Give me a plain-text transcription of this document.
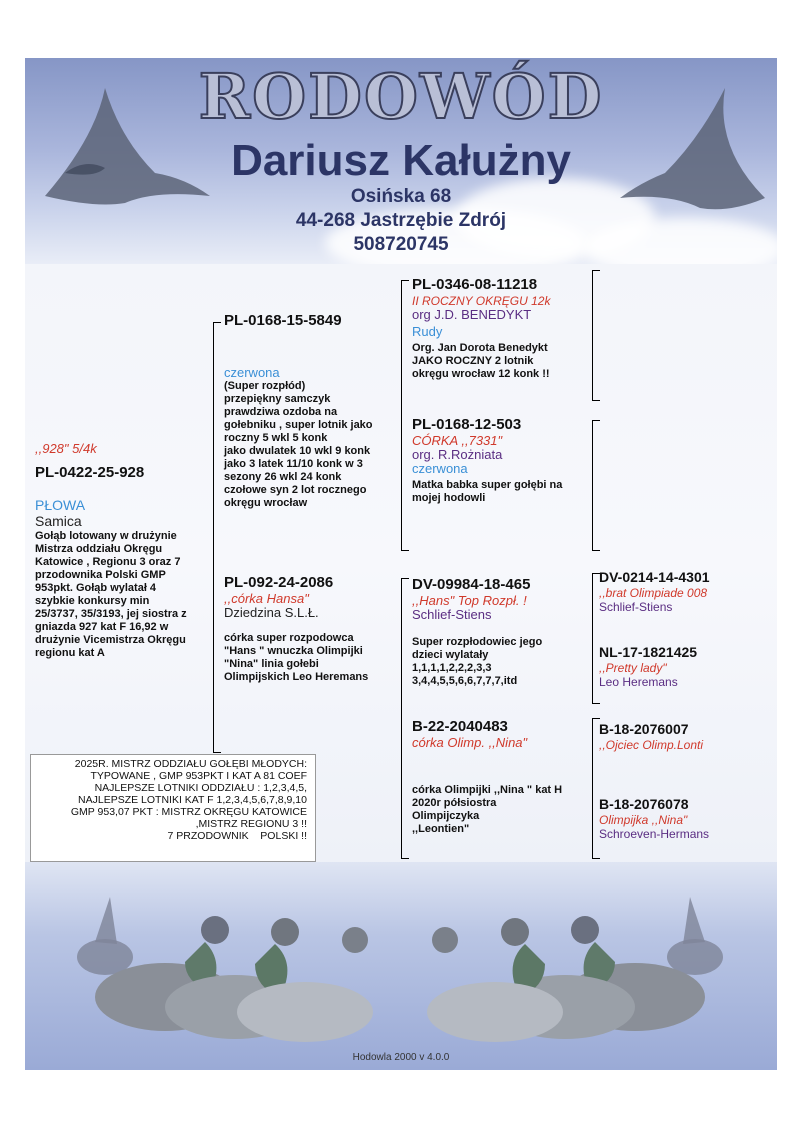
RODOWÓD
Dariusz Kałużny
Osińska 68
44-268 Jastrzębie Zdrój
508720745
,,928" 5/4k
PL-0422-25-928
PŁOWA
Samica
Gołąb lotowany w drużynie
Mistrza oddziału Okręgu
Katowice , Regionu 3 oraz 7
przodownika Polski GMP
953pkt. Gołąb wylatał 4
szybkie konkursy min
25/3737, 35/3193, jej siostra z
gniazda 927 kat F 16,92 w
drużynie Vicemistrza Okręgu
regionu kat A
PL-0168-15-5849
czerwona
(Super rozpłód)
przepiękny samczyk
prawdziwa ozdoba na
gołebniku , super lotnik jako
roczny 5 wkl 5 konk
jako dwulatek 10 wkl 9 konk
jako 3 latek 11/10 konk w 3
sezony 26 wkl 24 konk
czołowe syn 2 lot rocznego
okręgu wrocław
PL-092-24-2086
,,córka Hansa"
Dziedzina S.L.Ł.
córka super rozpodowca
"Hans " wnuczka Olimpijki
"Nina" linia gołebi
Olimpijskich Leo Heremans
PL-0346-08-11218
II ROCZNY OKRĘGU 12k
org J.D. BENEDYKT
Rudy
Org. Jan Dorota Benedykt
JAKO ROCZNY 2 lotnik
okręgu wrocław 12 konk !!
PL-0168-12-503
CÓRKA ,,7331"
org. R.Rożniata
czerwona
Matka babka super gołębi na
mojej hodowli
DV-09984-18-465
,,Hans" Top Rozpł. !
Schlief-Stiens
Super rozpłodowiec jego
dzieci wylatały
1,1,1,1,2,2,2,3,3
3,4,4,5,5,6,6,7,7,7,itd
B-22-2040483
córka Olimp. ,,Nina"
córka Olimpijki ,,Nina " kat H
2020r półsiostra
Olimpijczyka
,,Leontien"
DV-0214-14-4301
,,brat Olimpiade 008
Schlief-Stiens
NL-17-1821425
,,Pretty lady"
Leo Heremans
B-18-2076007
,,Ojciec Olimp.Lonti
B-18-2076078
Olimpijka ,,Nina"
Schroeven-Hermans
2025R. MISTRZ ODDZIAŁU GOŁĘBI MŁODYCH:
TYPOWANE , GMP 953PKT I KAT A 81 COEF
NAJLEPSZE LOTNIKI ODDZIAŁU : 1,2,3,4,5,
NAJLEPSZE LOTNIKI KAT F 1,2,3,4,5,6,7,8,9,10
GMP 953,07 PKT : MISTRZ OKRĘGU KATOWICE
,MISTRZ REGIONU 3 !!
7 PRZODOWNIK    POLSKI !!
Hodowla 2000 v 4.0.0
